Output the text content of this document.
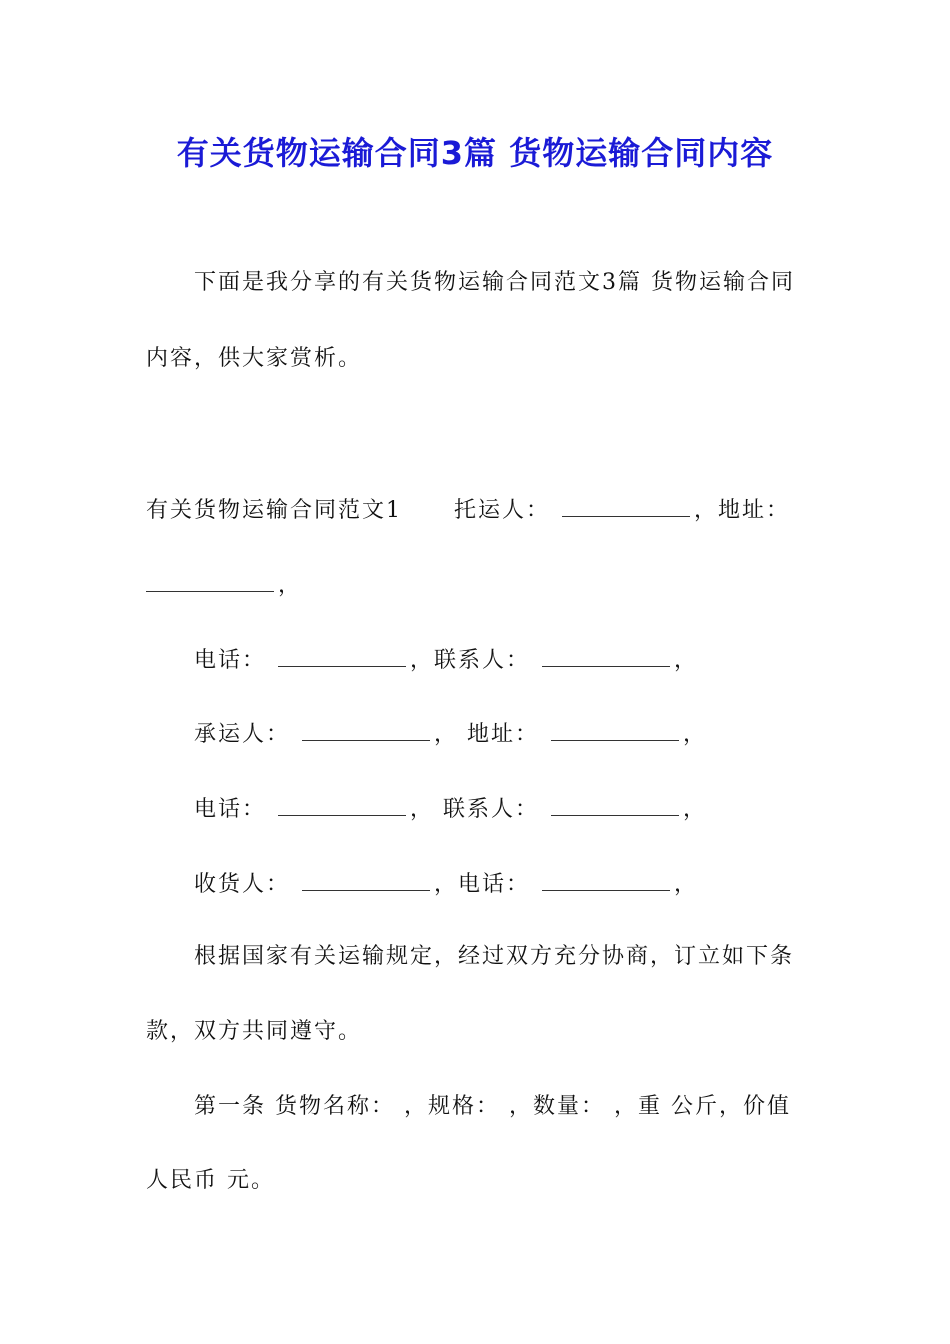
有关货物运输合同3篇 货物运输合同内容

下面是我分享的有关货物运输合同范文3篇 货物运输合同

内容，供大家赏析。

有关货物运输合同范文1 托运人：	，地址：

，

电话：	，联系人：	，

承运人：	， 地址：	，

电话：	， 联系人：	，

收货人：	，电话：	，

根据国家有关运输规定，经过双方充分协商，订立如下条

款，双方共同遵守。

第一条 货物名称： ，规格： ，数量： ，重 公斤，价值

人民币 元。
